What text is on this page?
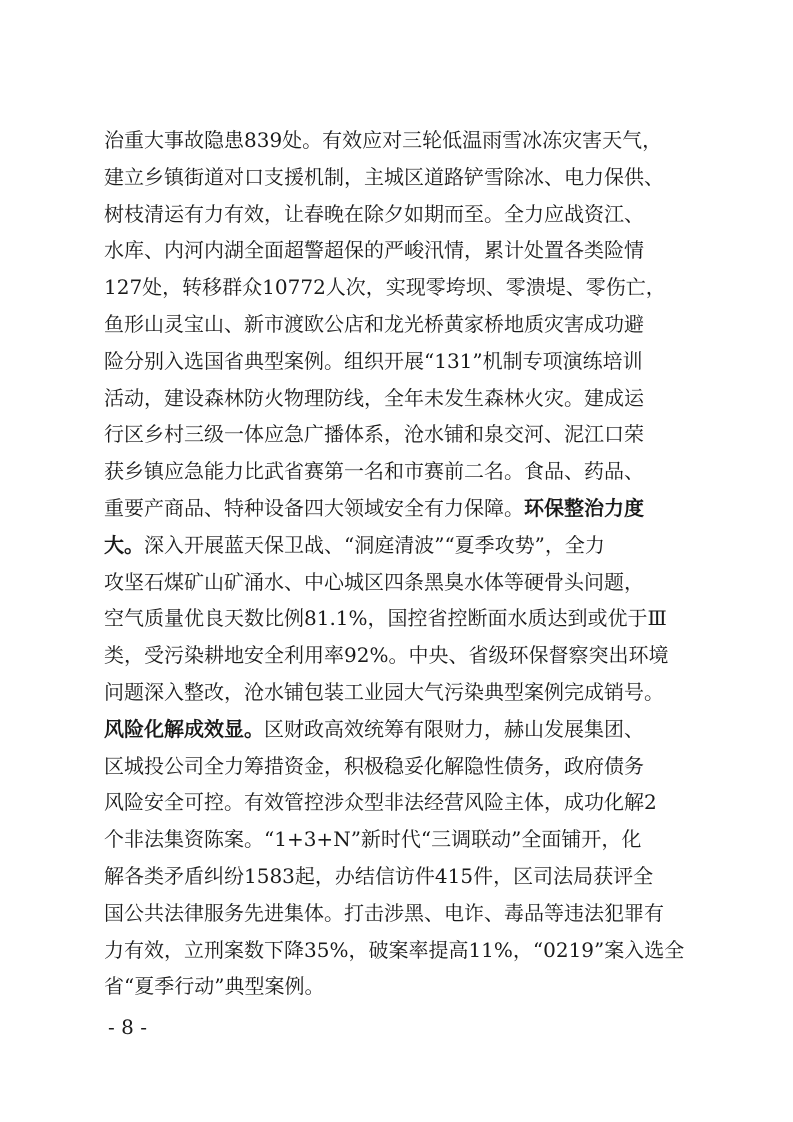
治重大事故隐患839处。有效应对三轮低温雨雪冰冻灾害天气，
建立乡镇街道对口支援机制，主城区道路铲雪除冰、电力保供、
树枝清运有力有效，让春晚在除夕如期而至。全力应战资江、
水库、内河内湖全面超警超保的严峻汛情，累计处置各类险情
127处，转移群众10772人次，实现零垮坝、零溃堤、零伤亡，
鱼形山灵宝山、新市渡欧公店和龙光桥黄家桥地质灾害成功避
险分别入选国省典型案例。组织开展“131”机制专项演练培训
活动，建设森林防火物理防线，全年未发生森林火灾。建成运
行区乡村三级一体应急广播体系，沧水铺和泉交河、泥江口荣
获乡镇应急能力比武省赛第一名和市赛前二名。食品、药品、
重要产商品、特种设备四大领域安全有力保障。环保整治力度
大。深入开展蓝天保卫战、“洞庭清波”“夏季攻势”，全力
攻坚石煤矿山矿涌水、中心城区四条黑臭水体等硬骨头问题，
空气质量优良天数比例81.1%，国控省控断面水质达到或优于Ⅲ
类，受污染耕地安全利用率92%。中央、省级环保督察突出环境
问题深入整改，沧水铺包装工业园大气污染典型案例完成销号。
风险化解成效显。区财政高效统筹有限财力，赫山发展集团、
区城投公司全力筹措资金，积极稳妥化解隐性债务，政府债务
风险安全可控。有效管控涉众型非法经营风险主体，成功化解2
个非法集资陈案。“1+3+N”新时代“三调联动”全面铺开，化
解各类矛盾纠纷1583起，办结信访件415件，区司法局获评全
国公共法律服务先进集体。打击涉黑、电诈、毒品等违法犯罪有
力有效，立刑案数下降35%，破案率提高11%，“0219”案入选全
省“夏季行动”典型案例。
- 8 -
